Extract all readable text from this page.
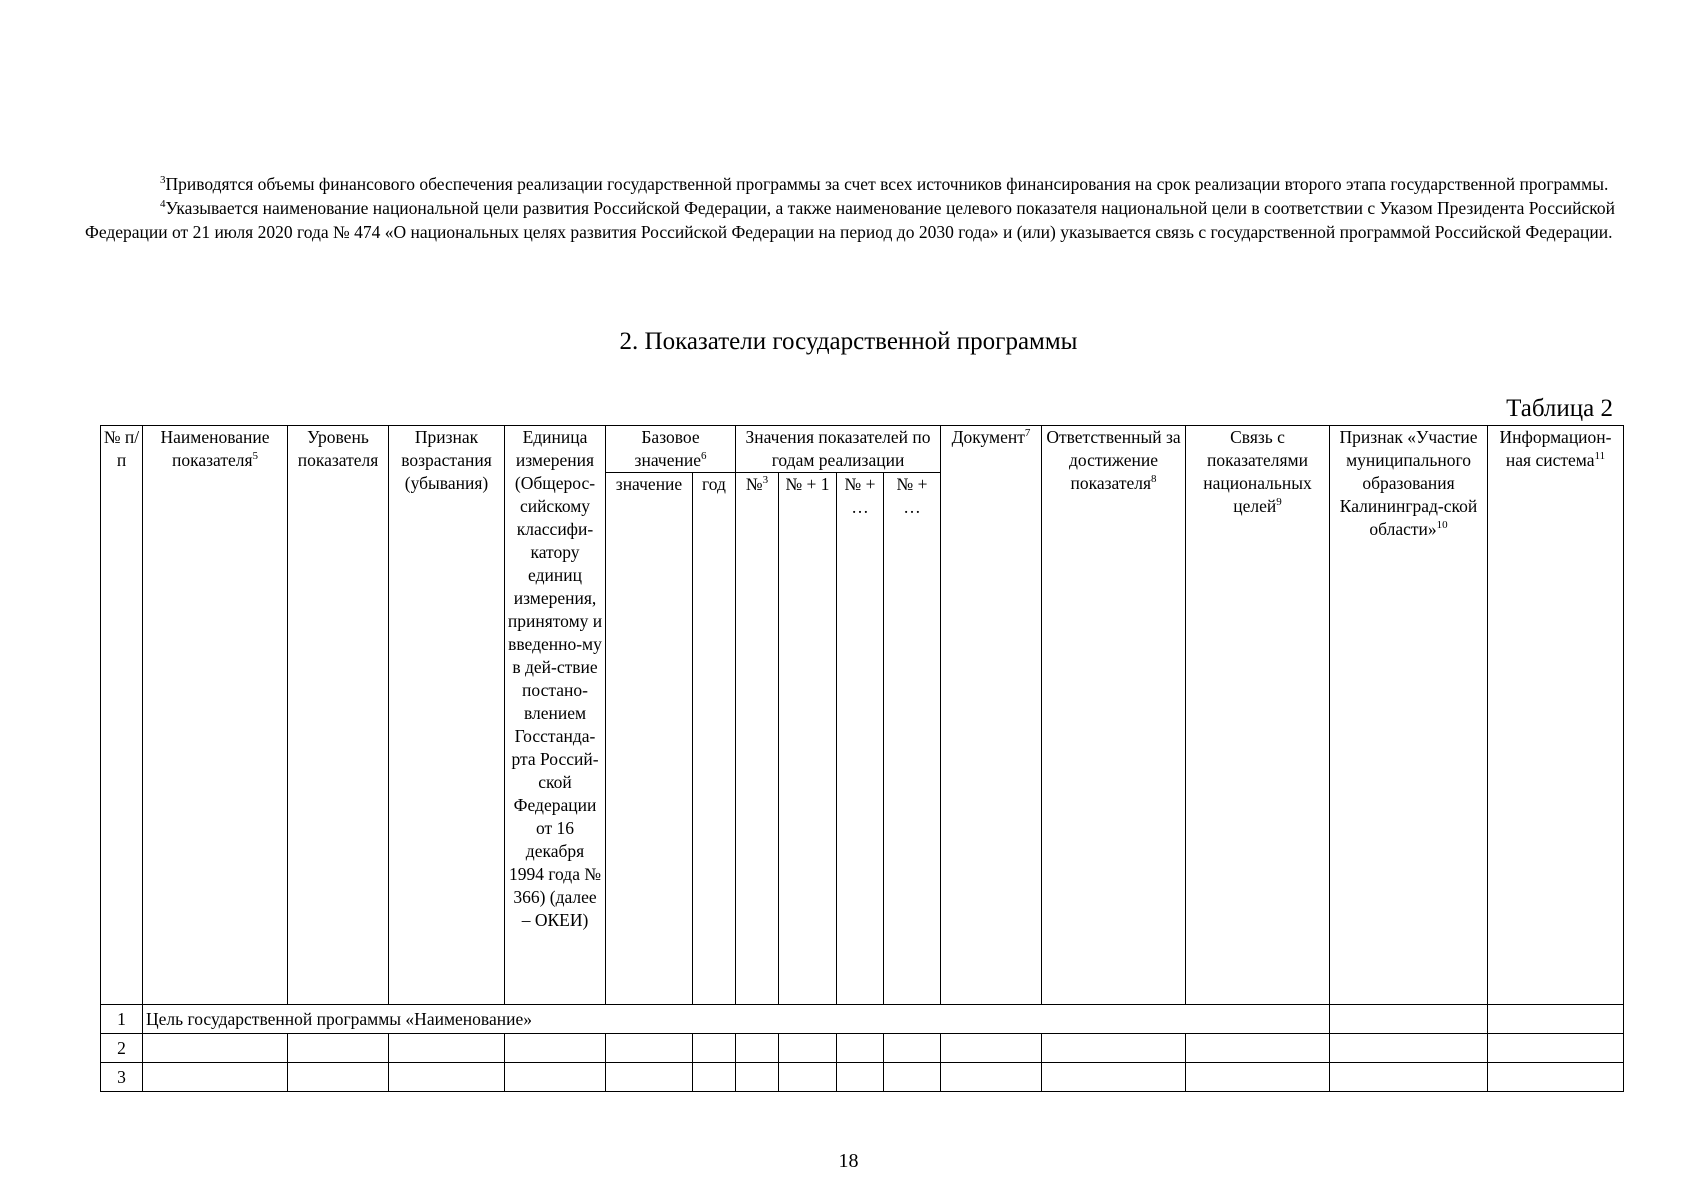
$^3$Приводятся объемы финансового обеспечения реализации государственной программы за счет всех источников финансирования на срок реализации второго этапа государственной программы.

$^4$Указывается наименование национальной цели развития Российской Федерации, а также наименование целевого показателя национальной цели в соответствии с Указом Президента Российской Федерации от 21 июля 2020 года № 474 «О национальных целях развития Российской Федерации на период до 2030 года» и (или) указывается связь с государственной программой Российской Федерации.

2. Показатели государственной программы
Таблица 2
№ п/п	Наименование показателя$^5$	Уровень показателя	Признак возрастания (убывания)	Единица измерения (Общерос-сийскому классифи-катору единиц измерения, принятому и введенно-му в дей-ствие постано-влением Госстанда-рта Россий-ской Федерации от 16 декабря 1994 года № 366) (далее – ОКЕИ)	Базовое значение$^6$		Значения показателей по годам реализации				Документ$^7$	Ответственный за достижение показателя$^8$	Связь с показателями национальных целей$^9$	Признак «Участие муниципального образования Калининград-ской области»$^{10}$	Информацион-ная система$^{11}$
					значение	год	№$^3$	№ + 1	№ + …	№ + …					
1	Цель государственной программы «Наименование»														
2															
3															
18
